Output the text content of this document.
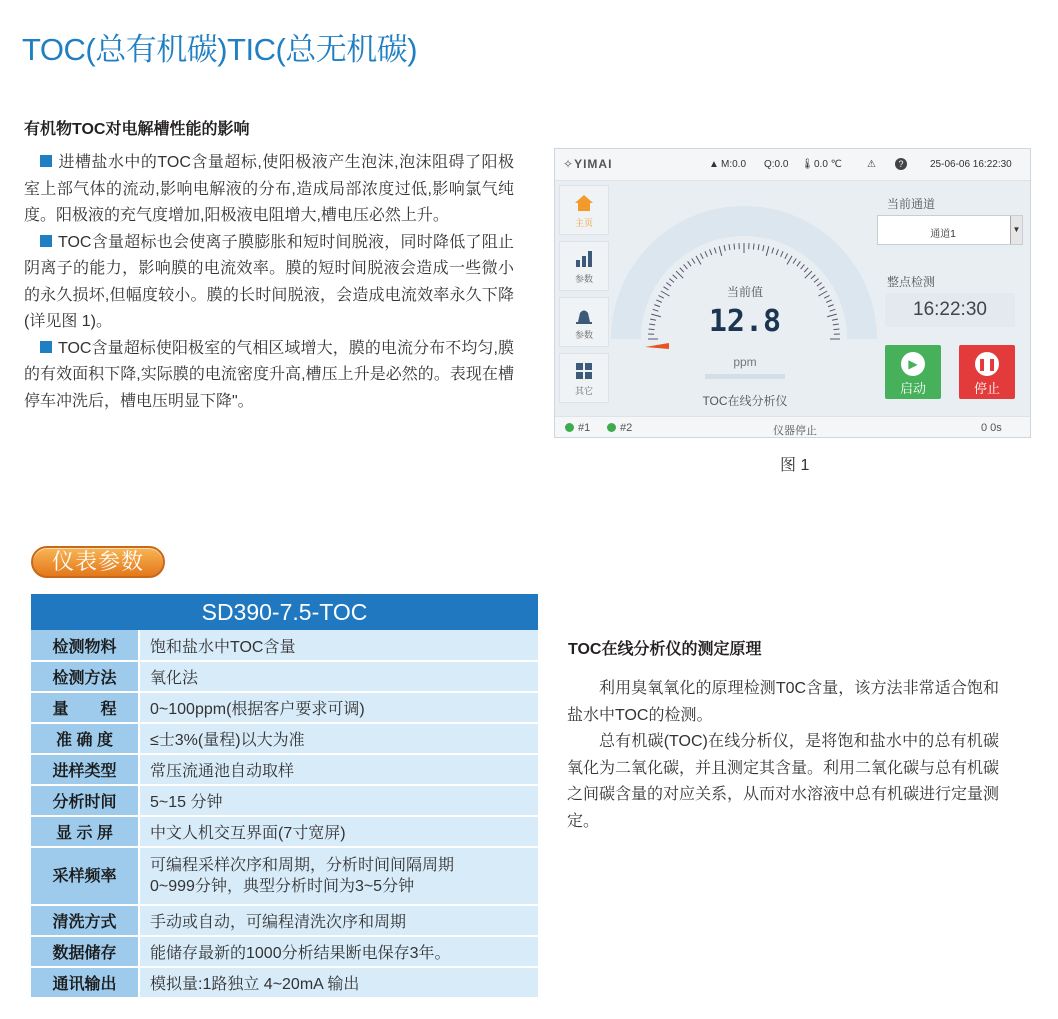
TOC(总有机碳)TIC(总无机碳)
有机物TOC对电解槽性能的影响

进槽盐水中的TOC含量超标,使阳极液产生泡沫,泡沫阻碍了阳极室上部气体的流动,影响电解液的分布,造成局部浓度过低,影响氯气纯度。阳极液的充气度增加,阳极液电阻增大,槽电压必然上升。

TOC含量超标也会使离子膜膨胀和短时间脱液，同时降低了阻止阴离子的能力，影响膜的电流效率。膜的短时间脱液会造成一些微小的永久损坏,但幅度较小。膜的长时间脱液，会造成电流效率永久下降(详见图 1)。

TOC含量超标使阳极室的气相区域增大，膜的电流分布不均匀,膜的有效面积下降,实际膜的电流密度升高,槽压上升是必然的。表现在槽停车冲洗后，槽电压明显下降"。

✧YIMAI	▲ M:0.0 Q:0.0 🌡 0.0 ℃	⚠	?	25-06-06 16:22:30
主页
参数
参数
其它
当前值
12.8
ppm
TOC在线分析仪
当前通道
通道1	▼
整点检测
16:22:30
▶
启动
❚❚
停止
#1	#2	仪器停止	0 0s
图 1
仪表参数
SD390-7.5-TOC	
检测物料	饱和盐水中TOC含量
检测方法	氧化法
量　　程	0~100ppm(根据客户要求可调)
准 确 度	≤士3%(量程)以大为准
进样类型	常压流通池自动取样
分析时间	5~15 分钟
显 示 屏	中文人机交互界面(7寸宽屏)
采样频率	可编程采样次序和周期，分析时间间隔周期
0~999分钟，典型分析时间为3~5分钟
清洗方式	手动或自动，可编程清洗次序和周期
数据储存	能储存最新的1000分析结果断电保存3年。
通讯输出	模拟量:1路独立 4~20mA 输出
TOC在线分析仪的测定原理

利用臭氧氧化的原理检测T0C含量，该方法非常适合饱和盐水中TOC的检测。

总有机碳(TOC)在线分析仪，是将饱和盐水中的总有机碳氧化为二氧化碳，并且测定其含量。利用二氧化碳与总有机碳之间碳含量的对应关系，从而对水溶液中总有机碳进行定量测定。
